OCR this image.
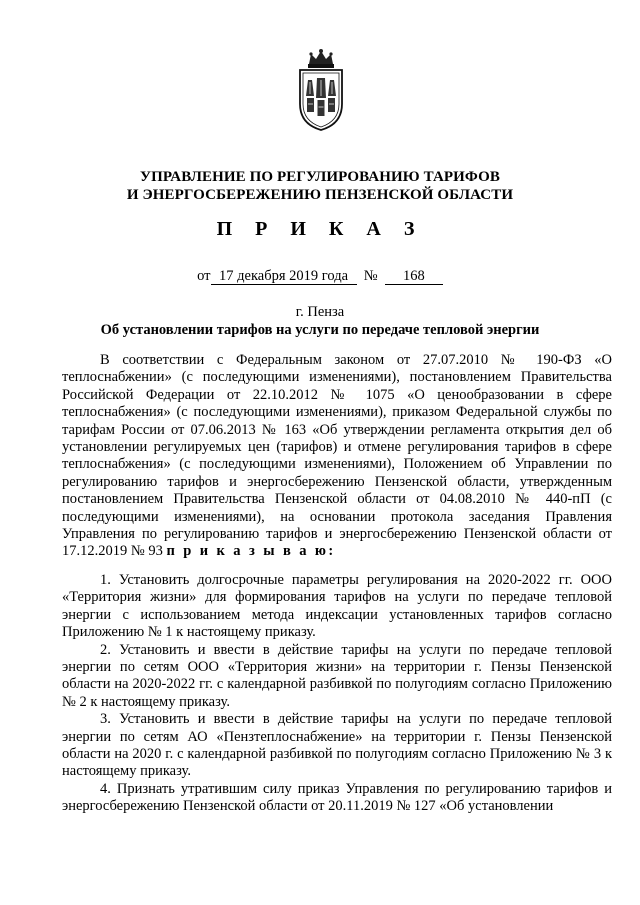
УПРАВЛЕНИЕ ПО РЕГУЛИРОВАНИЮ ТАРИФОВ
И ЭНЕРГОСБЕРЕЖЕНИЮ ПЕНЗЕНСКОЙ ОБЛАСТИ
П Р И К А З
от 17 декабря 2019 года № 168
г. Пенза
Об установлении тарифов на услуги по передаче тепловой энергии

В соответствии с Федеральным законом от 27.07.2010 № 190-ФЗ «О теплоснабжении» (с последующими изменениями), постановлением Правительства Российской Федерации от 22.10.2012 № 1075 «О ценообразовании в сфере теплоснабжения» (с последующими изменениями), приказом Федеральной службы по тарифам России от 07.06.2013 № 163 «Об утверждении регламента открытия дел об установлении регулируемых цен (тарифов) и отмене регулирования тарифов в сфере теплоснабжения» (с последующими изменениями), Положением об Управлении по регулированию тарифов и энергосбережению Пензенской области, утвержденным постановлением Правительства Пензенской области от 04.08.2010 № 440-пП (с последующими изменениями), на основании протокола заседания Правления Управления по регулированию тарифов и энергосбережению Пензенской области от 17.12.2019 № 93 п р и к а з ы в а ю:

1. Установить долгосрочные параметры регулирования на 2020-2022 гг. ООО «Территория жизни» для формирования тарифов на услуги по передаче тепловой энергии с использованием метода индексации установленных тарифов согласно Приложению № 1 к настоящему приказу.

2. Установить и ввести в действие тарифы на услуги по передаче тепловой энергии по сетям ООО «Территория жизни» на территории г. Пензы Пензенской области на 2020-2022 гг. с календарной разбивкой по полугодиям согласно Приложению № 2 к настоящему приказу.

3. Установить и ввести в действие тарифы на услуги по передаче тепловой энергии по сетям АО «Пензтеплоснабжение» на территории г. Пензы Пензенской области на 2020 г. с календарной разбивкой по полугодиям согласно Приложению № 3 к настоящему приказу.

4. Признать утратившим силу приказ Управления по регулированию тарифов и энергосбережению Пензенской области от 20.11.2019 № 127 «Об установлении
